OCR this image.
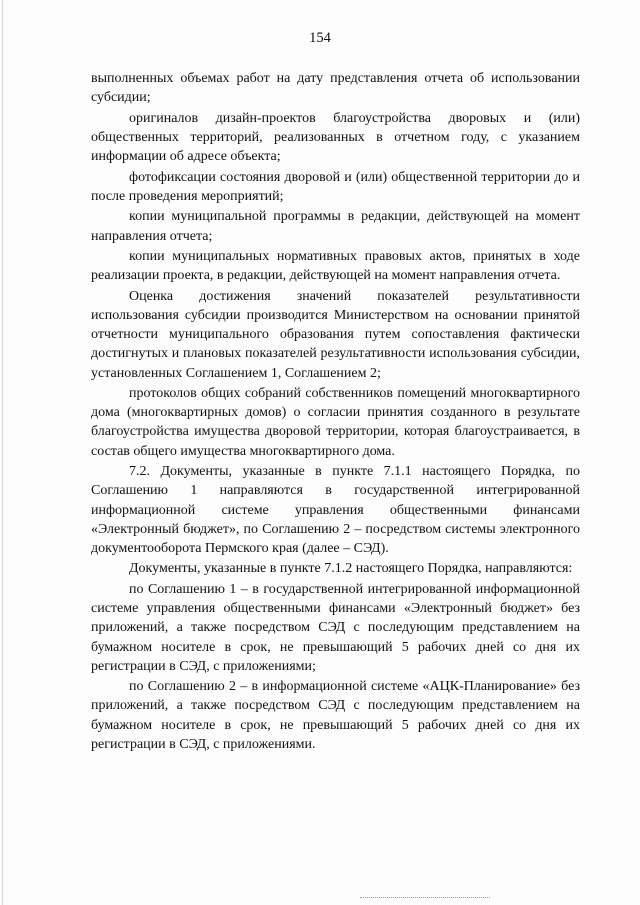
154

выполненных объемах работ на дату представления отчета об использовании субсидии;

оригиналов дизайн-проектов благоустройства дворовых и (или) общественных территорий, реализованных в отчетном году, с указанием информации об адресе объекта;

фотофиксации состояния дворовой и (или) общественной территории до и после проведения мероприятий;

копии муниципальной программы в редакции, действующей на момент направления отчета;

копии муниципальных нормативных правовых актов, принятых в ходе реализации проекта, в редакции, действующей на момент направления отчета.

Оценка достижения значений показателей результативности использования субсидии производится Министерством на основании принятой отчетности муниципального образования путем сопоставления фактически достигнутых и плановых показателей результативности использования субсидии, установленных Соглашением 1, Соглашением 2;

протоколов общих собраний собственников помещений многоквартирного дома (многоквартирных домов) о согласии принятия созданного в результате благоустройства имущества дворовой территории, которая благоустраивается, в состав общего имущества многоквартирного дома.

7.2. Документы, указанные в пункте 7.1.1 настоящего Порядка, по Соглашению 1 направляются в государственной интегрированной информационной системе управления общественными финансами «Электронный бюджет», по Соглашению 2 – посредством системы электронного документооборота Пермского края (далее – СЭД).

Документы, указанные в пункте 7.1.2 настоящего Порядка, направляются:

по Соглашению 1 – в государственной интегрированной информационной системе управления общественными финансами «Электронный бюджет» без приложений, а также посредством СЭД с последующим представлением на бумажном носителе в срок, не превышающий 5 рабочих дней со дня их регистрации в СЭД, с приложениями;

по Соглашению 2 – в информационной системе «АЦК-Планирование» без приложений, а также посредством СЭД с последующим представлением на бумажном носителе в срок, не превышающий 5 рабочих дней со дня их регистрации в СЭД, с приложениями.
